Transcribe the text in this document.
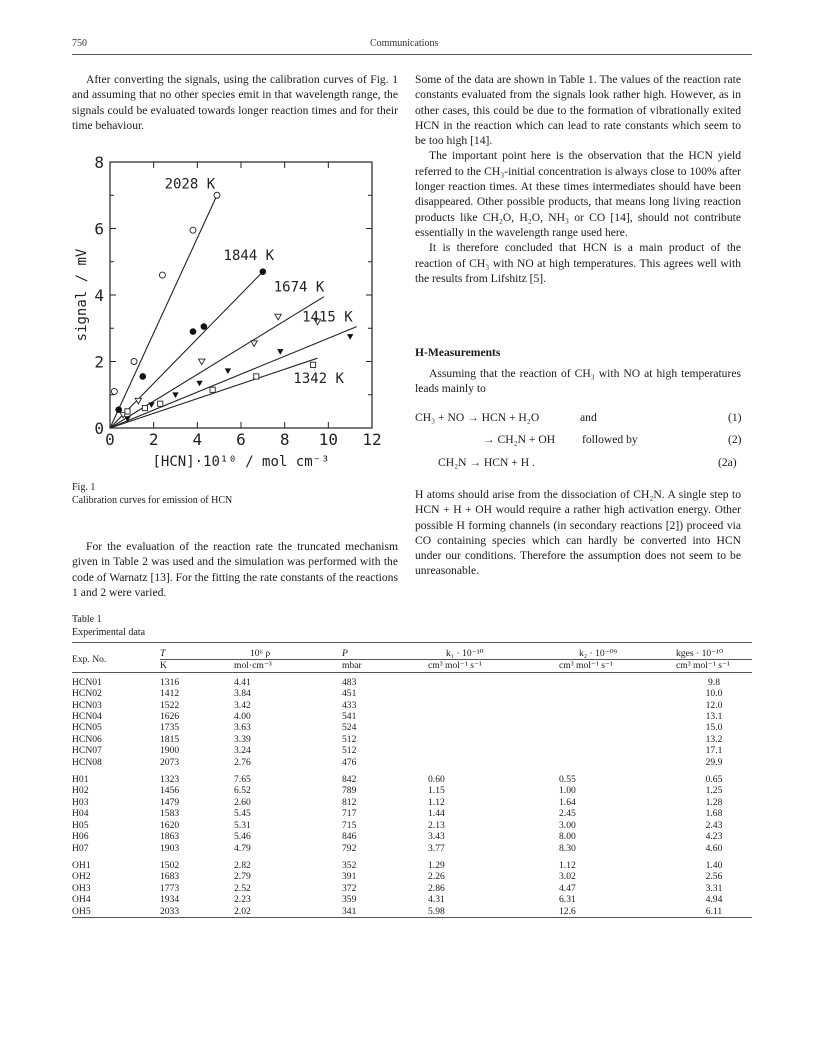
750	Communications

After converting the signals, using the calibration curves of Fig. 1 and assuming that no other species emit in that wavelength range, the signals could be evaluated towards longer reaction times and for their time behaviour.

0 2 4 6 8 10 12
0
2
4
6
8
[HCN]·10¹⁰ / mol cm⁻³
signal / mV
2028 K
1844 K
1674 K
1415 K
1342 K
Fig. 1
Calibration curves for emission of HCN

For the evaluation of the reaction rate the truncated mechanism given in Table 2 was used and the simulation was performed with the code of Warnatz [13]. For the fitting the rate constants of the reactions 1 and 2 were varied.

Some of the data are shown in Table 1. The values of the reaction rate constants evaluated from the signals look rather high. However, as in other cases, this could be due to the formation of vibrationally exited HCN in the reaction which can lead to rate constants which seem to be too high [14].

The important point here is the observation that the HCN yield referred to the CH₃-initial concentration is always close to 100% after longer reaction times. At these times intermediates should have been disappeared. Other possible products, that means long living reaction products like CH₂O, H₂O, NH₃ or CO [14], should not contribute essentially in the wavelength range used here.

It is therefore concluded that HCN is a main product of the reaction of CH₃ with NO at high temperatures. This agrees well with the results from Lifshitz [5].

H-Measurements

Assuming that the reaction of CH₃ with NO at high temperatures leads mainly to

CH₃ + NO → HCN + H₂O	and	(1)
→ CH₂N + OH followed by	(2)
CH₂N → HCN + H .	(2a)

H atoms should arise from the dissociation of CH₂N. A single step to HCN + H + OH would require a rather high activation energy. Other possible H forming channels (in secondary reactions [2]) proceed via CO containing species which can hardly be converted into HCN under our conditions. Therefore the assumption does not seem to be unreasonable.

Table 1
Experimental data
Exp. No.	T	10⁶ ρ	P	k₁ · 10⁻¹⁰	k₂ · 10⁻⁰⁹	kges · 10⁻¹⁰
	K	mol·cm⁻³	mbar	cm³ mol⁻¹ s⁻¹	cm³ mol⁻¹ s⁻¹	cm³ mol⁻¹ s⁻¹
HCN01	1316	4.41	483			9.8
HCN02	1412	3.84	451			10.0
HCN03	1522	3.42	433			12.0
HCN04	1626	4.00	541			13.1
HCN05	1735	3.63	524			15.0
HCN06	1815	3.39	512			13.2
HCN07	1900	3.24	512			17.1
HCN08	2073	2.76	476			29.9
H01	1323	7.65	842	0.60	0.55	0.65
H02	1456	6.52	789	1.15	1.00	1.25
H03	1479	2.60	812	1.12	1.64	1.28
H04	1583	5.45	717	1.44	2.45	1.68
H05	1620	5.31	715	2.13	3.00	2.43
H06	1863	5.46	846	3.43	8.00	4.23
H07	1903	4.79	792	3.77	8.30	4.60
OH1	1502	2.82	352	1.29	1.12	1.40
OH2	1683	2.79	391	2.26	3.02	2.56
OH3	1773	2.52	372	2.86	4.47	3.31
OH4	1934	2.23	359	4.31	6.31	4.94
OH5	2033	2.02	341	5.98	12.6	6.11
